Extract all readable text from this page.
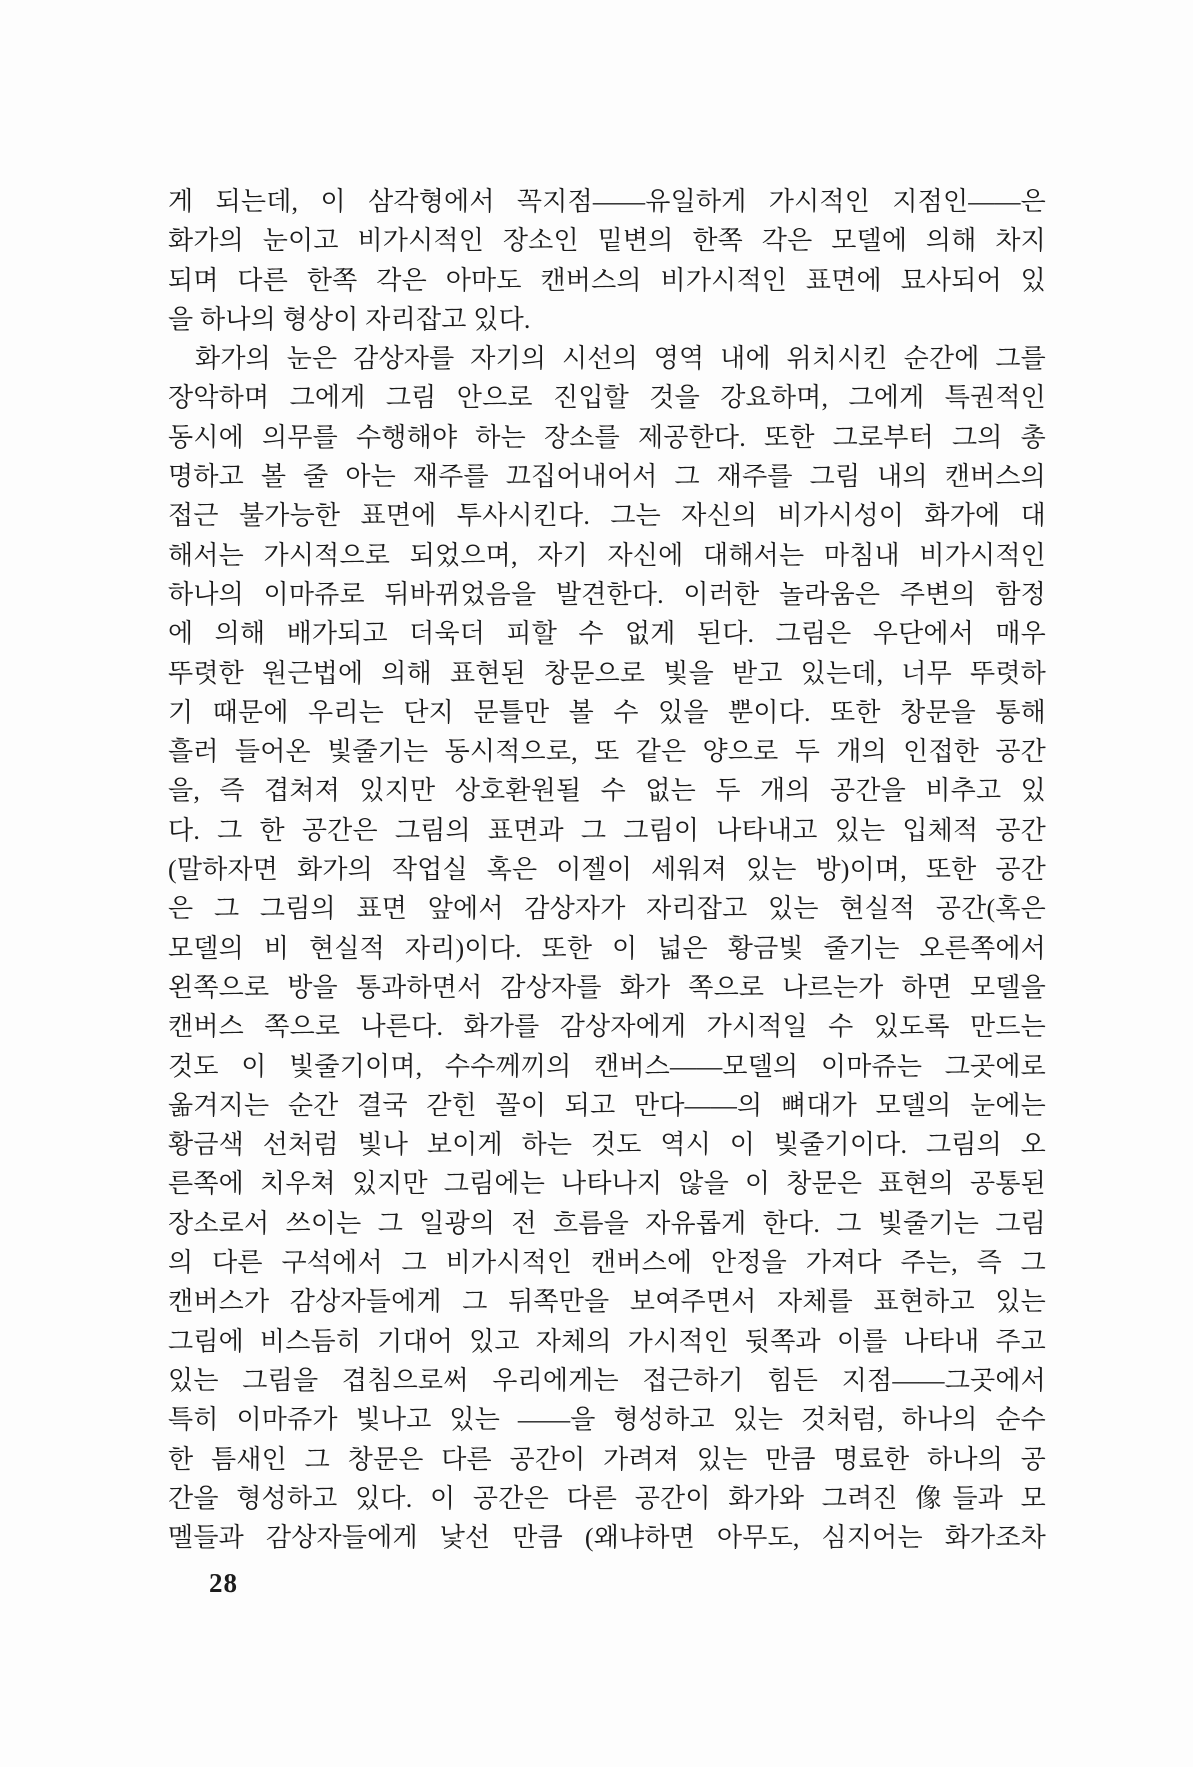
게 되는데, 이 삼각형에서 꼭지점——유일하게 가시적인 지점인——은
화가의 눈이고 비가시적인 장소인 밑변의 한쪽 각은 모델에 의해 차지
되며 다른 한쪽 각은 아마도 캔버스의 비가시적인 표면에 묘사되어 있
을 하나의 형상이 자리잡고 있다.
화가의 눈은 감상자를 자기의 시선의 영역 내에 위치시킨 순간에 그를
장악하며 그에게 그림 안으로 진입할 것을 강요하며, 그에게 특권적인
동시에 의무를 수행해야 하는 장소를 제공한다. 또한 그로부터 그의 총
명하고 볼 줄 아는 재주를 끄집어내어서 그 재주를 그림 내의 캔버스의
접근 불가능한 표면에 투사시킨다. 그는 자신의 비가시성이 화가에 대
해서는 가시적으로 되었으며, 자기 자신에 대해서는 마침내 비가시적인
하나의 이마쥬로 뒤바뀌었음을 발견한다. 이러한 놀라움은 주변의 함정
에 의해 배가되고 더욱더 피할 수 없게 된다. 그림은 우단에서 매우
뚜렷한 원근법에 의해 표현된 창문으로 빛을 받고 있는데, 너무 뚜렷하
기 때문에 우리는 단지 문틀만 볼 수 있을 뿐이다. 또한 창문을 통해
흘러 들어온 빛줄기는 동시적으로, 또 같은 양으로 두 개의 인접한 공간
을, 즉 겹쳐져 있지만 상호환원될 수 없는 두 개의 공간을 비추고 있
다. 그 한 공간은 그림의 표면과 그 그림이 나타내고 있는 입체적 공간
(말하자면 화가의 작업실 혹은 이젤이 세워져 있는 방)이며, 또한 공간
은 그 그림의 표면 앞에서 감상자가 자리잡고 있는 현실적 공간(혹은
모델의 비 현실적 자리)이다. 또한 이 넓은 황금빛 줄기는 오른쪽에서
왼쪽으로 방을 통과하면서 감상자를 화가 쪽으로 나르는가 하면 모델을
캔버스 쪽으로 나른다. 화가를 감상자에게 가시적일 수 있도록 만드는
것도 이 빛줄기이며, 수수께끼의 캔버스——모델의 이마쥬는 그곳에로
옮겨지는 순간 결국 갇힌 꼴이 되고 만다——의 뼈대가 모델의 눈에는
황금색 선처럼 빛나 보이게 하는 것도 역시 이 빛줄기이다. 그림의 오
른쪽에 치우쳐 있지만 그림에는 나타나지 않을 이 창문은 표현의 공통된
장소로서 쓰이는 그 일광의 전 흐름을 자유롭게 한다. 그 빛줄기는 그림
의 다른 구석에서 그 비가시적인 캔버스에 안정을 가져다 주는, 즉 그
캔버스가 감상자들에게 그 뒤쪽만을 보여주면서 자체를 표현하고 있는
그림에 비스듬히 기대어 있고 자체의 가시적인 뒷쪽과 이를 나타내 주고
있는 그림을 겹침으로써 우리에게는 접근하기 힘든 지점——그곳에서
특히 이마쥬가 빛나고 있는 ——을 형성하고 있는 것처럼, 하나의 순수
한 틈새인 그 창문은 다른 공간이 가려져 있는 만큼 명료한 하나의 공
간을 형성하고 있다. 이 공간은 다른 공간이 화가와 그려진 像들과 모
멜들과 감상자들에게 낯선 만큼 (왜냐하면 아무도, 심지어는 화가조차
28
